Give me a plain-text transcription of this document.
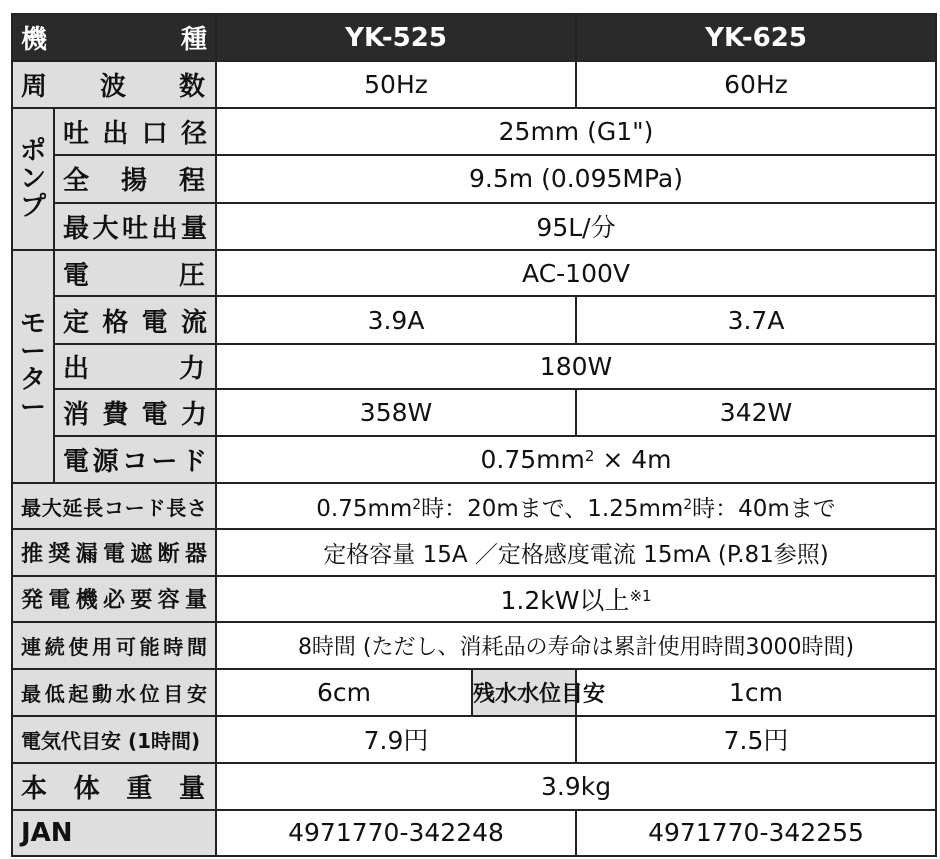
機　　種		YK-525		YK-625
周波数		50Hz		60Hz

ポ
ン
プ	吐出口径	25mm (G1")		
	全揚程	9.5m (0.095MPa)		
	最大吐出量	95L/分		

モ
ー
タ
ー	電圧	AC-100V		
	定格電流	3.9A		3.7A
	出力	180W		
	消費電力	358W		342W
	電源コード	$0.75mm^2 \times 4m$		
最大延長コード長さ		$0.75mm^2$時：20mまで、$1.25mm^2$時：40mまで		
推奨漏電遮断器		定格容量 15A ／定格感度電流 15mA (P.81参照)		
発電機必要容量		1.2kW以上$^{※1}$
連続使用可能時間		8時間 (ただし、消耗品の寿命は累計使用時間3000時間)		
最低起動水位目安		6cm	残水水位目安	1cm
電気代目安 (1時間)		7.9円		7.5円
本体重量		3.9kg		
JAN		4971770-342248		4971770-342255
